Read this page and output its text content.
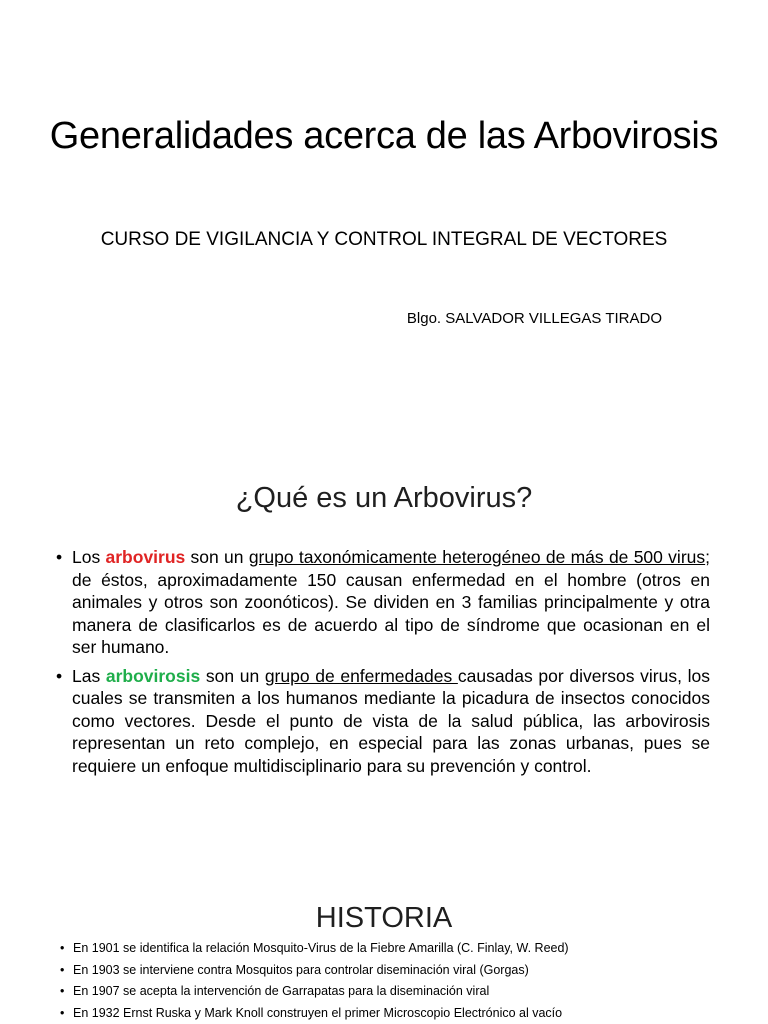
Generalidades acerca de las Arbovirosis

CURSO DE VIGILANCIA Y CONTROL INTEGRAL DE VECTORES

Blgo. SALVADOR VILLEGAS TIRADO

¿Qué es un Arbovirus?
• Los arbovirus son un grupo taxonómicamente heterogéneo de más de 500 virus; de éstos, aproximadamente 150 causan enfermedad en el hombre (otros en animales y otros son zoonóticos). Se dividen en 3 familias principalmente y otra manera de clasificarlos es de acuerdo al tipo de síndrome que ocasionan en el ser humano.
• Las arbovirosis son un grupo de enfermedades causadas por diversos virus, los cuales se transmiten a los humanos mediante la picadura de insectos conocidos como vectores. Desde el punto de vista de la salud pública, las arbovirosis representan un reto complejo, en especial para las zonas urbanas, pues se requiere un enfoque multidisciplinario para su prevención y control.
HISTORIA
• En 1901 se identifica la relación Mosquito-Virus de la Fiebre Amarilla (C. Finlay, W. Reed)
• En 1903 se interviene contra Mosquitos para controlar diseminación viral (Gorgas)
• En 1907 se acepta la intervención de Garrapatas para la diseminación viral
• En 1932 Ernst Ruska y Mark Knoll construyen el primer Microscopio Electrónico al vacío
